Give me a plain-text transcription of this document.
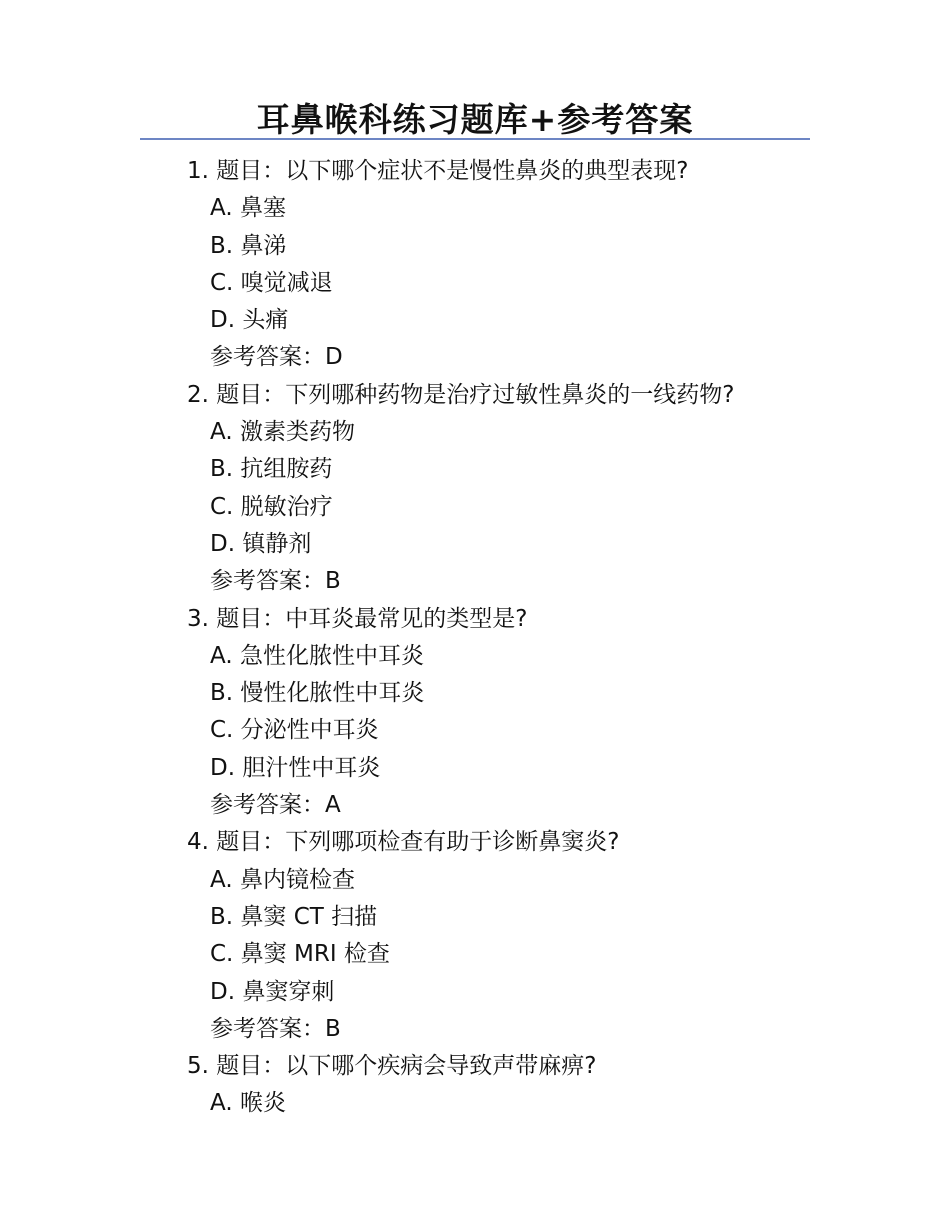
耳鼻喉科练习题库+参考答案
1. 题目：以下哪个症状不是慢性鼻炎的典型表现?
A. 鼻塞
B. 鼻涕
C. 嗅觉减退
D. 头痛
参考答案：D
2. 题目：下列哪种药物是治疗过敏性鼻炎的一线药物?
A. 激素类药物
B. 抗组胺药
C. 脱敏治疗
D. 镇静剂
参考答案：B
3. 题目：中耳炎最常见的类型是?
A. 急性化脓性中耳炎
B. 慢性化脓性中耳炎
C. 分泌性中耳炎
D. 胆汁性中耳炎
参考答案：A
4. 题目：下列哪项检查有助于诊断鼻窦炎?
A. 鼻内镜检查
B. 鼻窦 CT 扫描
C. 鼻窦 MRI 检查
D. 鼻窦穿刺
参考答案：B
5. 题目：以下哪个疾病会导致声带麻痹?
A. 喉炎
